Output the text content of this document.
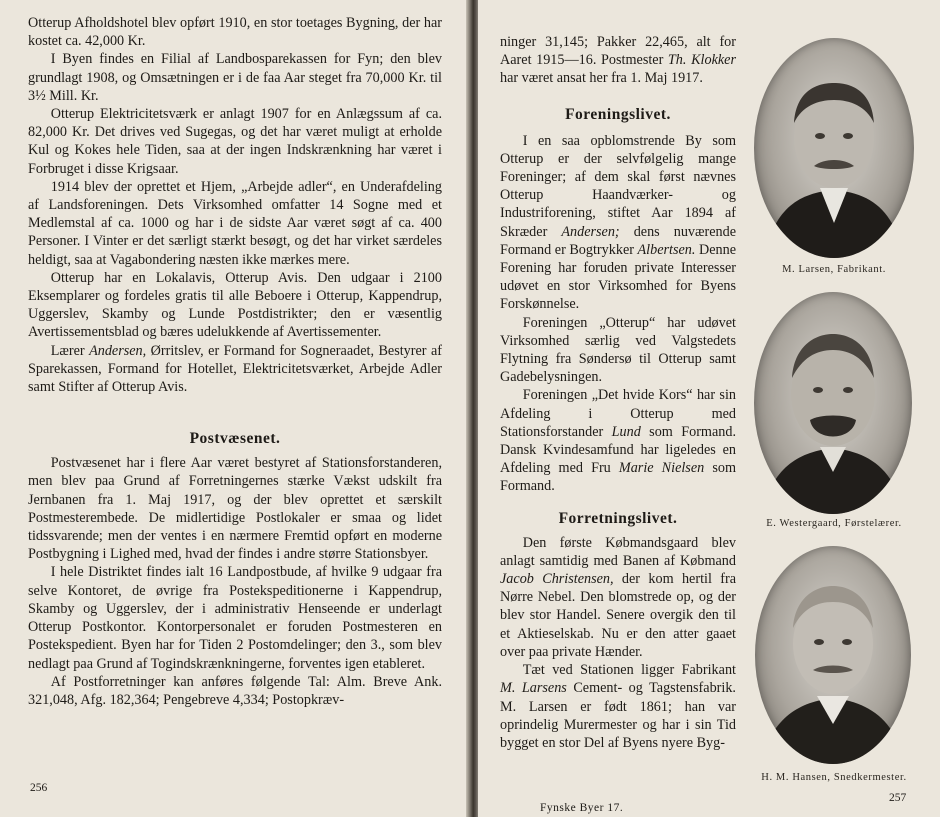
Otterup Afholdshotel blev opført 1910, en stor toetages Bygning, der har kostet ca. 42,000 Kr.

I Byen findes en Filial af Landbosparekassen for Fyn; den blev grundlagt 1908, og Omsætningen er i de faa Aar steget fra 70,000 Kr. til 3½ Mill. Kr.

Otterup Elektricitetsværk er anlagt 1907 for en Anlægssum af ca. 82,000 Kr. Det drives ved Sugegas, og det har været muligt at erholde Kul og Kokes hele Tiden, saa at der ingen Indskrænkning har været i Forbruget i disse Krigsaar.

1914 blev der oprettet et Hjem, „Arbejde adler“, en Underafdeling af Landsforeningen. Dets Virksomhed omfatter 14 Sogne med et Medlemstal af ca. 1000 og har i de sidste Aar været søgt af ca. 400 Personer. I Vinter er det særligt stærkt besøgt, og det har virket særdeles heldigt, saa at Vagabondering næsten ikke mærkes mere.

Otterup har en Lokalavis, Otterup Avis. Den udgaar i 2100 Eksemplarer og fordeles gratis til alle Beboere i Otterup, Kappendrup, Uggerslev, Skamby og Lunde Postdistrikter; den er væsentlig Avertissementsblad og bæres udelukkende af Avertissementer.

Lærer Andersen, Ørritslev, er Formand for Sogneraadet, Bestyrer af Sparekassen, Formand for Hotellet, Elektricitetsværket, Arbejde Adler samt Stifter af Otterup Avis.

Postvæsenet.

Postvæsenet har i flere Aar været bestyret af Stationsforstanderen, men blev paa Grund af Forretningernes stærke Vækst udskilt fra Jernbanen fra 1. Maj 1917, og der blev oprettet et særskilt Postmesterembede. De midlertidige Postlokaler er smaa og lidet tidssvarende; men der ventes i en nærmere Fremtid opført en moderne Postbygning i Lighed med, hvad der findes i andre større Stationsbyer.

I hele Distriktet findes ialt 16 Landpostbude, af hvilke 9 udgaar fra selve Kontoret, de øvrige fra Postekspeditionerne i Kappendrup, Skamby og Uggerslev, der i administrativ Henseende er underlagt Otterup Postkontor. Kontorpersonalet er foruden Postmesteren en Postekspedient. Byen har for Tiden 2 Postomdelinger; den 3., som blev nedlagt paa Grund af Togindskrænkningerne, forventes igen etableret.

Af Postforretninger kan anføres følgende Tal: Alm. Breve Ank. 321,048, Afg. 182,364; Pengebreve 4,334; Postopkræv-

256

ninger 31,145; Pakker 22,465, alt for Aaret 1915—16. Postmester Th. Klokker har været ansat her fra 1. Maj 1917.

Foreningslivet.

I en saa opblomstrende By som Otterup er der selvfølgelig mange Foreninger; af dem skal først nævnes Otterup Haandværker- og Industriforening, stiftet Aar 1894 af Skræder Andersen; dens nuværende Formand er Bogtrykker Albertsen. Denne Forening har foruden private Interesser udøvet en stor Virksomhed for Byens Forskønnelse.

Foreningen „Otterup“ har udøvet Virksomhed særlig ved Valgstedets Flytning fra Søndersø til Otterup samt Gadebelysningen.

Foreningen „Det hvide Kors“ har sin Afdeling i Otterup med Stationsforstander Lund som Formand. Dansk Kvindesamfund har ligeledes en Afdeling med Fru Marie Nielsen som Formand.

Forretningslivet.

Den første Købmandsgaard blev anlagt samtidig med Banen af Købmand Jacob Christensen, der kom hertil fra Nørre Nebel. Den blomstrede op, og der blev stor Handel. Senere overgik den til et Aktieselskab. Nu er den atter gaaet over paa private Hænder.

Tæt ved Stationen ligger Fabrikant M. Larsens Cement- og Tagstensfabrik. M. Larsen er født 1861; han var oprindelig Murermester og har i sin Tid bygget en stor Del af Byens nyere Byg-

M. Larsen, Fabrikant.
E. Westergaard, Førstelærer.
H. M. Hansen, Snedkermester.
Fynske Byer 17.
257
